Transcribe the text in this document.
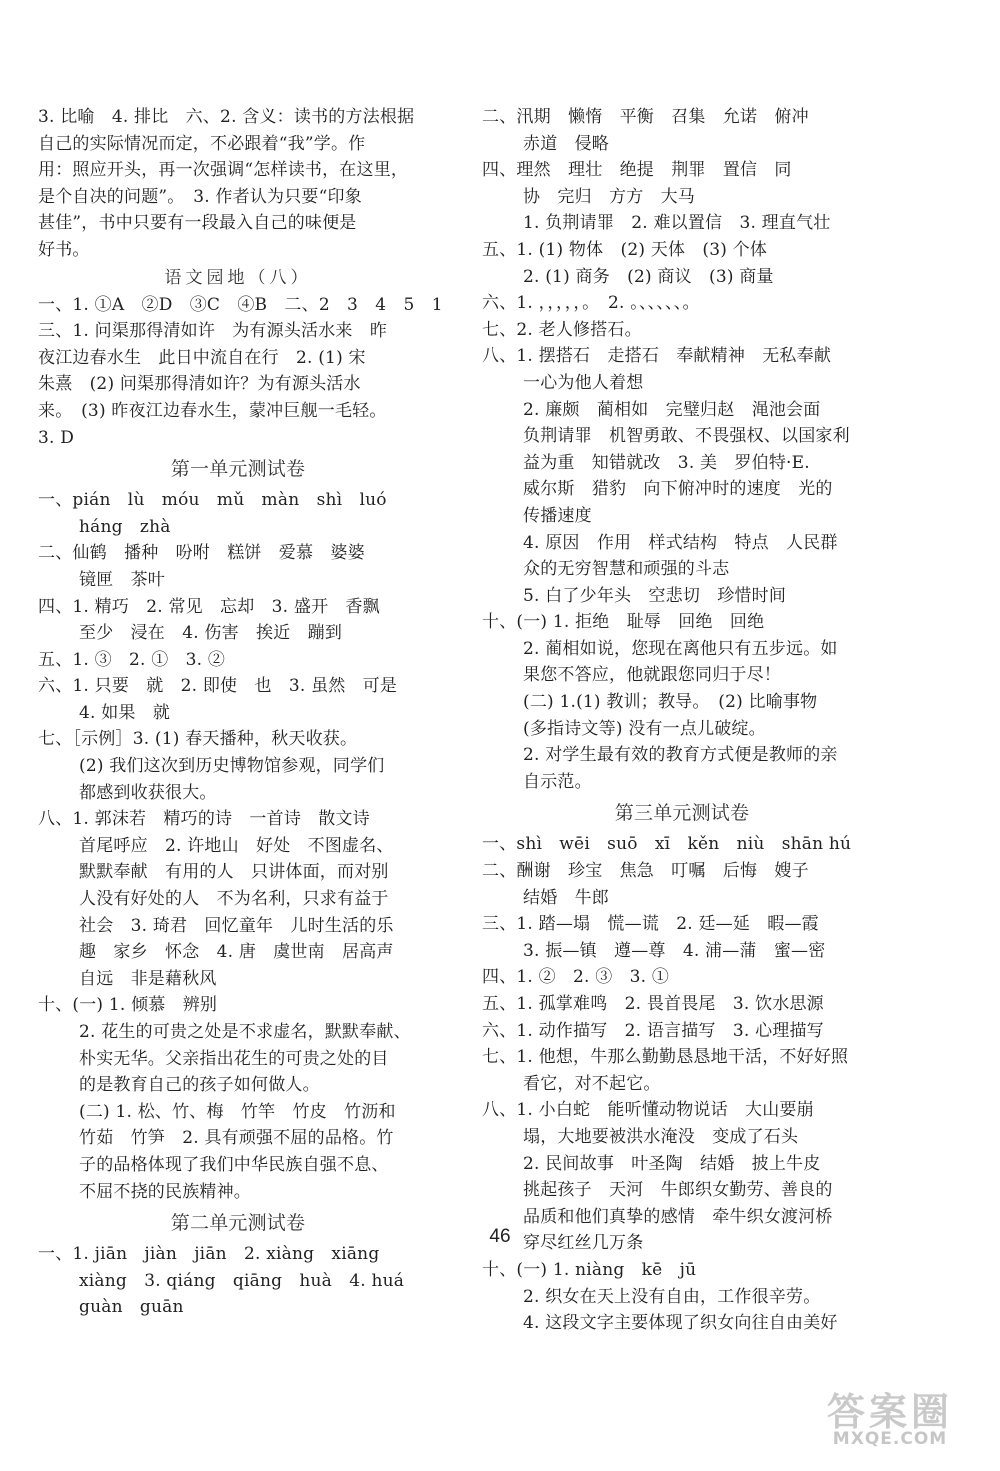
3. 比喻　4. 排比　六、2. 含义：读书的方法根据
自己的实际情况而定，不必跟着“我”学。作
用：照应开头，再一次强调“怎样读书，在这里，
是个自决的问题”。　3. 作者认为只要“印象
甚佳”，书中只要有一段最入自己的味便是
好书。
语文园地（八）
一、1. ①A　②D　③C　④B　二、2　3　4　5　1
三、1. 问渠那得清如许　为有源头活水来　昨
夜江边春水生　此日中流自在行　2. (1) 宋
朱熹　(2) 问渠那得清如许？为有源头活水
来。　(3) 昨夜江边春水生，蒙冲巨舰一毛轻。
3. D
第一单元测试卷
一、pián　lù　móu　mǔ　màn　shì　luó
háng　zhà
二、仙鹤　播种　吩咐　糕饼　爱慕　婆婆
镜匣　茶叶
四、1. 精巧　2. 常见　忘却　3. 盛开　香飘
至少　浸在　4. 伤害　挨近　蹦到
五、1. ③　2. ①　3. ②
六、1. 只要　就　2. 即使　也　3. 虽然　可是
4. 如果　就
七、［示例］3. (1) 春天播种，秋天收获。
(2) 我们这次到历史博物馆参观，同学们
都感到收获很大。
八、1. 郭沫若　精巧的诗　一首诗　散文诗
首尾呼应　2. 许地山　好处　不图虚名、
默默奉献　有用的人　只讲体面，而对别
人没有好处的人　不为名利，只求有益于
社会　3. 琦君　回忆童年　儿时生活的乐
趣　家乡　怀念　4. 唐　虞世南　居高声
自远　非是藉秋风
十、(一) 1. 倾慕　辨别
2. 花生的可贵之处是不求虚名，默默奉献、
朴实无华。父亲指出花生的可贵之处的目
的是教育自己的孩子如何做人。
(二) 1. 松、竹、梅　竹竿　竹皮　竹沥和
竹茹　竹笋　2. 具有顽强不屈的品格。竹
子的品格体现了我们中华民族自强不息、
不屈不挠的民族精神。
第二单元测试卷
一、1. jiān　jiàn　jiān　2. xiàng　xiāng
xiàng　3. qiáng　qiāng　huà　4. huá
guàn　guān
二、汛期　懒惰　平衡　召集　允诺　俯冲
赤道　侵略
四、理然　理壮　绝提　荆罪　置信　同
协　完归　方方　大马
1. 负荆请罪　2. 难以置信　3. 理直气壮
五、1. (1) 物体　(2) 天体　(3) 个体
2. (1) 商务　(2) 商议　(3) 商量
六、1. ，，，，，。　2. 。、、、、、。
七、2. 老人修搭石。
八、1. 摆搭石　走搭石　奉献精神　无私奉献
一心为他人着想
2. 廉颇　蔺相如　完璧归赵　渑池会面
负荆请罪　机智勇敢、不畏强权、以国家利
益为重　知错就改　3. 美　罗伯特·E.
威尔斯　猎豹　向下俯冲时的速度　光的
传播速度
4. 原因　作用　样式结构　特点　人民群
众的无穷智慧和顽强的斗志
5. 白了少年头　空悲切　珍惜时间
十、(一) 1. 拒绝　耻辱　回绝　回绝
2. 蔺相如说，您现在离他只有五步远。如
果您不答应，他就跟您同归于尽！
(二) 1.(1) 教训；教导。　(2) 比喻事物
(多指诗文等) 没有一点儿破绽。
2. 对学生最有效的教育方式便是教师的亲
自示范。
第三单元测试卷
一、shì　wēi　suō　xī　kěn　niù　shān hú
二、酬谢　珍宝　焦急　叮嘱　后悔　嫂子
结婚　牛郎
三、1. 踏—塌　慌—谎　2. 廷—延　暇—霞
3. 振—镇　遵—尊　4. 浦—蒲　蜜—密
四、1. ②　2. ③　3. ①
五、1. 孤掌难鸣　2. 畏首畏尾　3. 饮水思源
六、1. 动作描写　2. 语言描写　3. 心理描写
七、1. 他想，牛那么勤勤恳恳地干活，不好好照
看它，对不起它。
八、1. 小白蛇　能听懂动物说话　大山要崩
塌，大地要被洪水淹没　变成了石头
2. 民间故事　叶圣陶　结婚　披上牛皮
挑起孩子　天河　牛郎织女勤劳、善良的
品质和他们真挚的感情　牵牛织女渡河桥
穿尽红丝几万条
十、(一) 1. niàng　kē　jū
2. 织女在天上没有自由，工作很辛劳。
4. 这段文字主要体现了织女向往自由美好
46
答案圈
MXQE.COM
